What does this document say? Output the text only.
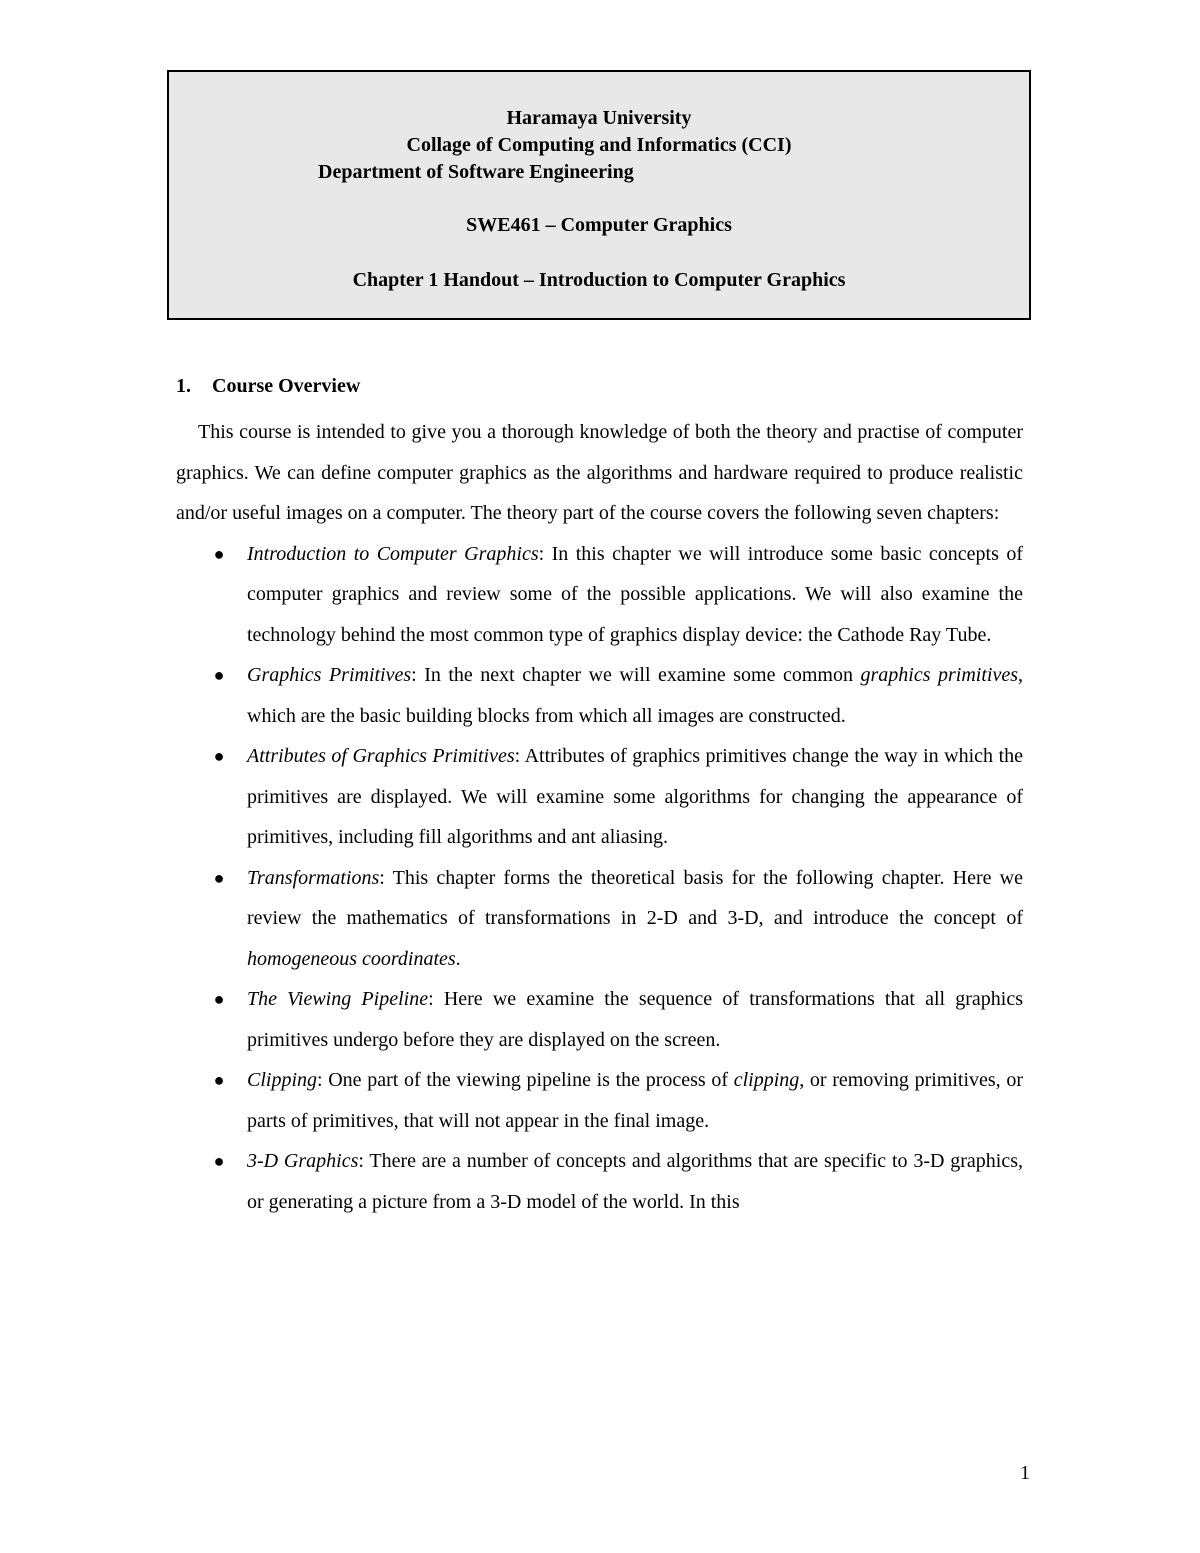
Haramaya University
Collage of Computing and Informatics (CCI)
Department of Software Engineering
SWE461 – Computer Graphics
Chapter 1 Handout – Introduction to Computer Graphics
1. Course Overview

This course is intended to give you a thorough knowledge of both the theory and practise of computer graphics. We can define computer graphics as the algorithms and hardware required to produce realistic and/or useful images on a computer. The theory part of the course covers the following seven chapters:

● Introduction to Computer Graphics: In this chapter we will introduce some basic concepts of computer graphics and review some of the possible applications. We will also examine the technology behind the most common type of graphics display device: the Cathode Ray Tube.
● Graphics Primitives: In the next chapter we will examine some common graphics primitives, which are the basic building blocks from which all images are constructed.
● Attributes of Graphics Primitives: Attributes of graphics primitives change the way in which the primitives are displayed. We will examine some algorithms for changing the appearance of primitives, including fill algorithms and ant aliasing.
● Transformations: This chapter forms the theoretical basis for the following chapter. Here we review the mathematics of transformations in 2-D and 3-D, and introduce the concept of homogeneous coordinates.
● The Viewing Pipeline: Here we examine the sequence of transformations that all graphics primitives undergo before they are displayed on the screen.
● Clipping: One part of the viewing pipeline is the process of clipping, or removing primitives, or parts of primitives, that will not appear in the final image.
● 3-D Graphics: There are a number of concepts and algorithms that are specific to 3-D graphics, or generating a picture from a 3-D model of the world. In this
1
